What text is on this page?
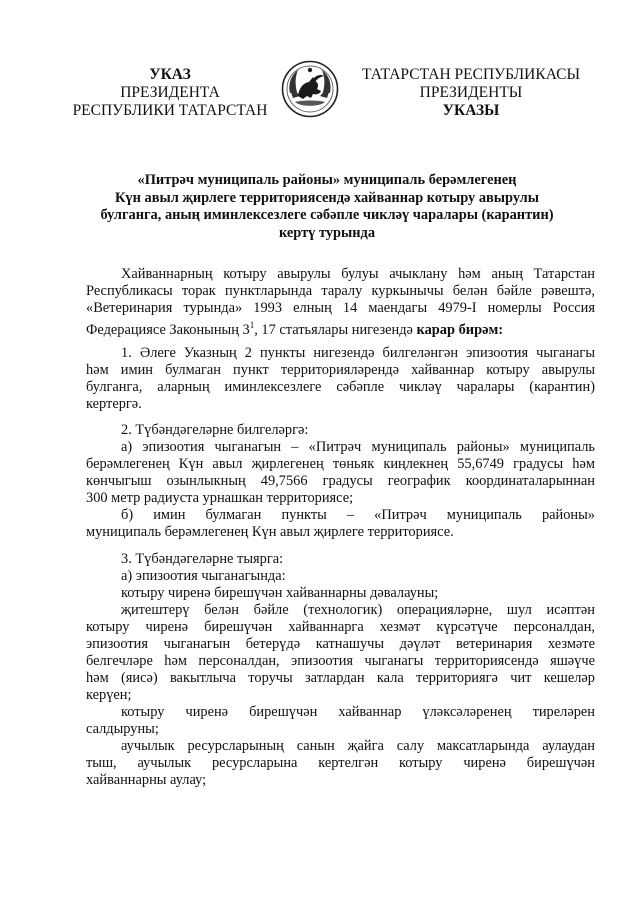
УКАЗ
ПРЕЗИДЕНТА
РЕСПУБЛИКИ ТАТАРСТАН
ТАТАРСТАН РЕСПУБЛИКАСЫ
ПРЕЗИДЕНТЫ
УКАЗЫ
«Питрәч муниципаль районы» муниципаль берәмлегенең
Күн авыл җирлеге территориясендә хайваннар котыру авырулы
булганга, аның иминлексезлеге сәбәпле чикләү чаралары (карантин)
кертү турында
Хайваннарның котыру авырулы булуы ачыклану һәм аның Татарстан
Республикасы торак пунктларында таралу куркынычы белән бәйле рәвештә,
«Ветеринария турында» 1993 елның 14 маендагы 4979-I номерлы Россия
Федерациясе Законының $3^1$, 17 статьялары нигезендә карар бирәм:
1. Әлеге Указның 2 пункты нигезендә билгеләнгән эпизоотия чыганагы
һәм имин булмаган пункт территорияләрендә хайваннар котыру авырулы
булганга, аларның иминлексезлеге сәбәпле чикләү чаралары (карантин)
кертергә.
2. Түбәндәгеләрне билгеләргә:
а) эпизоотия чыганагын – «Питрәч муниципаль районы» муниципаль
берәмлегенең Күн авыл җирлегенең төньяк киңлекнең 55,6749 градусы һәм
көнчыгыш озынлыкның 49,7566 градусы географик координаталарыннан
300 метр радиуста урнашкан территориясе;
б) имин булмаган пункты – «Питрәч муниципаль районы»
муниципаль берәмлегенең Күн авыл җирлеге территориясе.
3. Түбәндәгеләрне тыярга:
а) эпизоотия чыганагында:
котыру чиренә бирешүчән хайваннарны дәвалауны;
җитештерү белән бәйле (технологик) операцияләрне, шул исәптән
котыру чиренә бирешүчән хайваннарга хезмәт күрсәтүче персоналдан,
эпизоотия чыганагын бетерүдә катнашучы дәүләт ветеринария хезмәте
белгечләре һәм персоналдан, эпизоотия чыганагы территориясендә яшәүче
һәм (яисә) вакытлыча торучы затлардан кала территориягә чит кешеләр
керүен;
котыру чиренә бирешүчән хайваннар үләксәләренең тиреләрен
салдыруны;
аучылык ресурсларының санын җайга салу максатларында аулаудан
тыш, аучылык ресурсларына кертелгән котыру чиренә бирешүчән
хайваннарны аулау;
